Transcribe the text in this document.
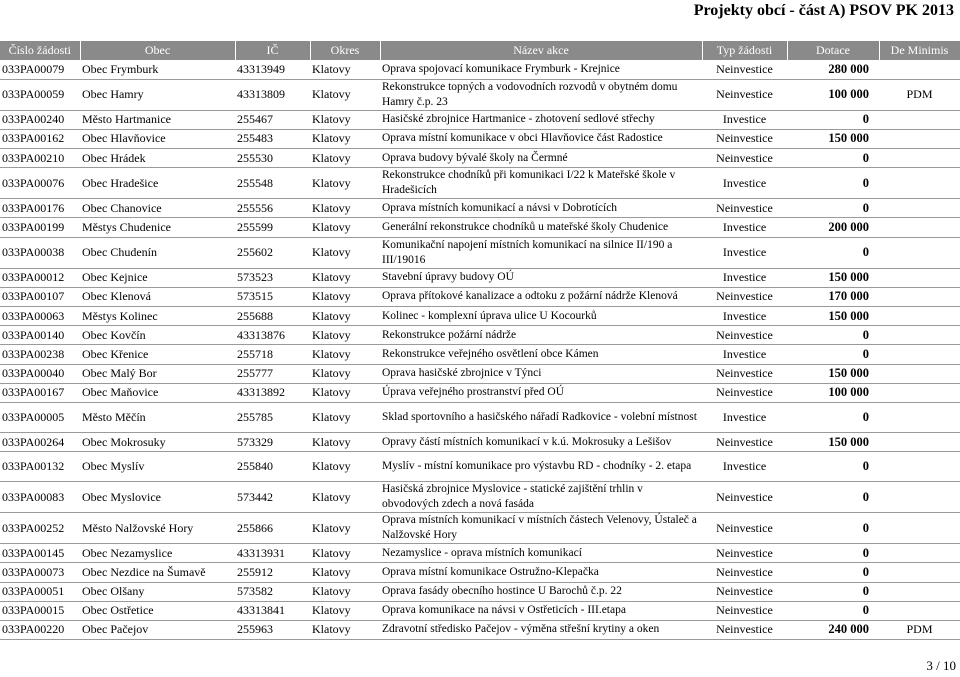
Projekty obcí - část A) PSOV PK 2013
Číslo žádosti	Obec	IČ	Okres	Název akce	Typ žádosti	Dotace	De Minimis
033PA00079	Obec Frymburk	43313949	Klatovy	Oprava spojovací komunikace Frymburk - Krejnice	Neinvestice	280 000	
033PA00059	Obec Hamry	43313809	Klatovy	Rekonstrukce topných a vodovodních rozvodů v obytném domu Hamry č.p. 23	Neinvestice	100 000	PDM
033PA00240	Město Hartmanice	255467	Klatovy	Hasičské zbrojnice Hartmanice - zhotovení sedlové střechy	Investice	0	
033PA00162	Obec Hlavňovice	255483	Klatovy	Oprava místní komunikace v obci Hlavňovice část Radostice	Neinvestice	150 000	
033PA00210	Obec Hrádek	255530	Klatovy	Oprava budovy bývalé školy na Čermné	Neinvestice	0	
033PA00076	Obec Hradešice	255548	Klatovy	Rekonstrukce chodníků při komunikaci I/22 k Mateřské škole v Hradešicích	Investice	0	
033PA00176	Obec Chanovice	255556	Klatovy	Oprava místních komunikací a návsi v Dobrotících	Neinvestice	0	
033PA00199	Městys Chudenice	255599	Klatovy	Generální rekonstrukce chodníků u mateřské školy Chudenice	Investice	200 000	
033PA00038	Obec Chudenín	255602	Klatovy	Komunikační napojení místních komunikací na silnice II/190 a III/19016	Investice	0	
033PA00012	Obec Kejnice	573523	Klatovy	Stavební úpravy budovy OÚ	Investice	150 000	
033PA00107	Obec Klenová	573515	Klatovy	Oprava přítokové kanalizace a odtoku z požární nádrže Klenová	Neinvestice	170 000	
033PA00063	Městys Kolinec	255688	Klatovy	Kolinec - komplexní úprava ulice U Kocourků	Investice	150 000	
033PA00140	Obec Kovčín	43313876	Klatovy	Rekonstrukce požární nádrže	Neinvestice	0	
033PA00238	Obec Křenice	255718	Klatovy	Rekonstrukce veřejného osvětlení obce Kámen	Investice	0	
033PA00040	Obec Malý Bor	255777	Klatovy	Oprava hasičské zbrojnice v Týnci	Neinvestice	150 000	
033PA00167	Obec Maňovice	43313892	Klatovy	Úprava veřejného prostranství před OÚ	Neinvestice	100 000	
033PA00005	Město Měčín	255785	Klatovy	Sklad sportovního a hasičského nářadí Radkovice - volební místnost	Investice	0	
033PA00264	Obec Mokrosuky	573329	Klatovy	Opravy částí místních komunikací v k.ú. Mokrosuky a Lešišov	Neinvestice	150 000	
033PA00132	Obec Myslív	255840	Klatovy	Myslív - místní komunikace pro výstavbu RD - chodníky - 2. etapa	Investice	0	
033PA00083	Obec Myslovice	573442	Klatovy	Hasičská zbrojnice Myslovice - statické zajištění trhlin v obvodových zdech a nová fasáda	Neinvestice	0	
033PA00252	Město Nalžovské Hory	255866	Klatovy	Oprava místních komunikací v místních částech Velenovy, Ústaleč a Nalžovské Hory	Neinvestice	0	
033PA00145	Obec Nezamyslice	43313931	Klatovy	Nezamyslice - oprava místních komunikací	Neinvestice	0	
033PA00073	Obec Nezdice na Šumavě	255912	Klatovy	Oprava místní komunikace Ostružno-Klepačka	Neinvestice	0	
033PA00051	Obec Olšany	573582	Klatovy	Oprava fasády obecního hostince U Barochů č.p. 22	Neinvestice	0	
033PA00015	Obec Ostřetice	43313841	Klatovy	Oprava komunikace na návsi v Ostřeticích - III.etapa	Neinvestice	0	
033PA00220	Obec Pačejov	255963	Klatovy	Zdravotní středisko Pačejov - výměna střešní krytiny a oken	Neinvestice	240 000	PDM
3 / 10
